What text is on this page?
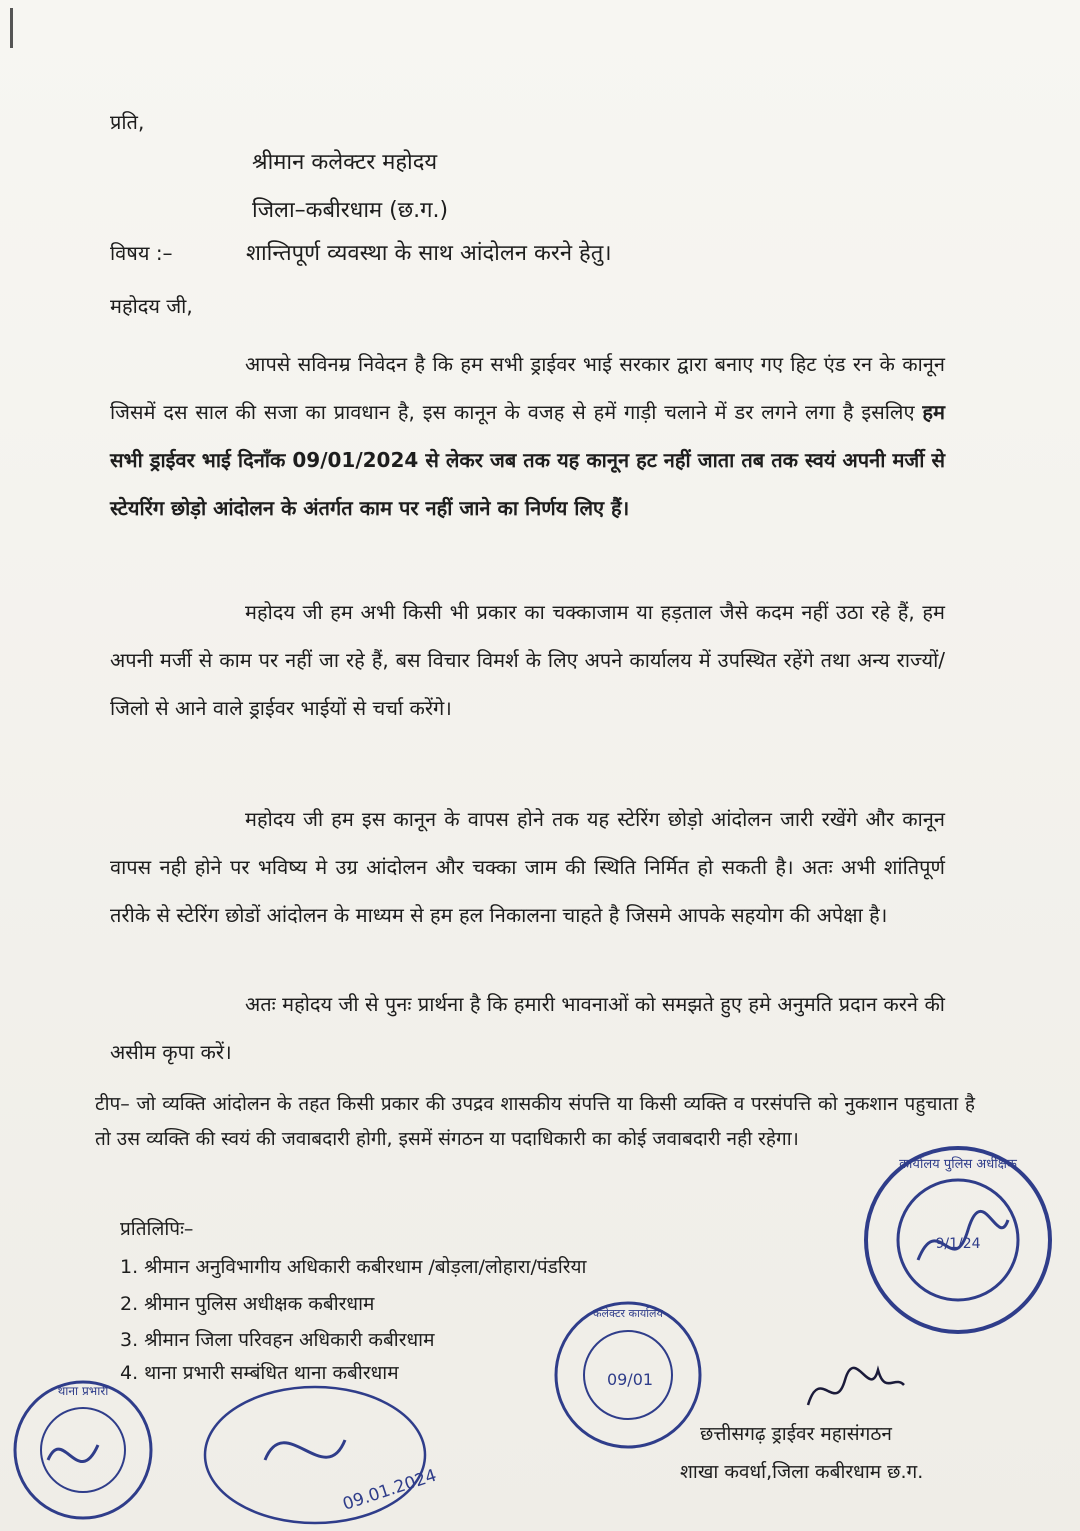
प्रति,
श्रीमान कलेक्टर महोदय
जिला–कबीरधाम (छ.ग.)
विषय :–	शान्तिपूर्ण व्यवस्था के साथ आंदोलन करने हेतु।
महोदय जी,
आपसे सविनम्र निवेदन है कि हम सभी ड्राईवर भाई सरकार द्वारा बनाए गए हिट एंड रन के कानून जिसमें दस साल की सजा का प्रावधान है, इस कानून के वजह से हमें गाड़ी चलाने में डर लगने लगा है इसलिए हम सभी ड्राईवर भाई दिनाँक 09/01/2024 से लेकर जब तक यह कानून हट नहीं जाता तब तक स्वयं अपनी मर्जी से स्टेयरिंग छोड़ो आंदोलन के अंतर्गत काम पर नहीं जाने का निर्णय लिए हैं।
महोदय जी हम अभी किसी भी प्रकार का चक्काजाम या हड़ताल जैसे कदम नहीं उठा रहे हैं, हम अपनी मर्जी से काम पर नहीं जा रहे हैं, बस विचार विमर्श के लिए अपने कार्यालय में उपस्थित रहेंगे तथा अन्य राज्यों/जिलो से आने वाले ड्राईवर भाईयों से चर्चा करेंगे।
महोदय जी हम इस कानून के वापस होने तक यह स्टेरिंग छोड़ो आंदोलन जारी रखेंगे और कानून वापस नही होने पर भविष्य मे उग्र आंदोलन और चक्का जाम की स्थिति निर्मित हो सकती है। अतः अभी शांतिपूर्ण तरीके से स्टेरिंग छोडों आंदोलन के माध्यम से हम हल निकालना चाहते है जिसमे आपके सहयोग की अपेक्षा है।
अतः महोदय जी से पुनः प्रार्थना है कि हमारी भावनाओं को समझते हुए हमे अनुमति प्रदान करने की असीम कृपा करें।
टीप– जो व्यक्ति आंदोलन के तहत किसी प्रकार की उपद्रव शासकीय संपत्ति या किसी व्यक्ति व परसंपत्ति को नुकशान पहुचाता है तो उस व्यक्ति की स्वयं की जवाबदारी होगी, इसमें संगठन या पदाधिकारी का कोई जवाबदारी नही रहेगा।
प्रतिलिपिः–
1. श्रीमान अनुविभागीय अधिकारी कबीरधाम /बोड़ला/लोहारा/पंडरिया
2. श्रीमान पुलिस अधीक्षक कबीरधाम
3. श्रीमान जिला परिवहन अधिकारी कबीरधाम
4. थाना प्रभारी सम्बंधित थाना कबीरधाम
छत्तीसगढ़ ड्राईवर महासंगठन
शाखा कवर्धा,जिला कबीरधाम छ.ग.
कार्यालय पुलिस अधीक्षक
9/1/24
कलेक्टर कार्यालय
09/01
थाना प्रभारी
09.01.2024
